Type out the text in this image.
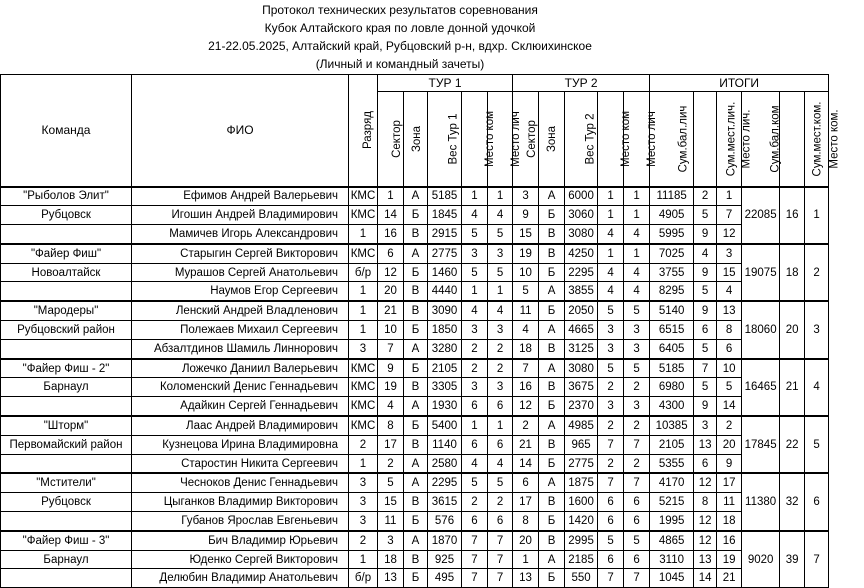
Протокол технических результатов соревнования
Кубок Алтайского края по ловле донной удочкой
21-22.05.2025, Алтайский край, Рубцовский р-н, вдхр. Склюихинское
(Личный и командный зачеты)
Команда	ФИО	Разряд	ТУР 1					ТУР 2					ИТОГИ					
			Сектор	Зона	Вес Тур 1	Место ком	Место лич	Сектор	Зона	Вес Тур 2	Место ком	Место лич	Сум.бал.лич	Сум.мест.лич.	Место лич.	Сум.бал.ком	Сум.мест.ком.	Место ком.
"Рыболов Элит"	Ефимов Андрей Валерьевич	КМС	1	А	5185	1	1	3	А	6000	1	1	11185	2	1	22085	16	1
Рубцовск	Игошин Андрей Владимирович	КМС	14	Б	1845	4	4	9	Б	3060	1	1	4905	5	7			
	Мамичев Игорь Александрович	1	16	В	2915	5	5	15	В	3080	4	4	5995	9	12			
"Файер Фиш"	Старыгин Сергей Викторович	КМС	6	А	2775	3	3	19	В	4250	1	1	7025	4	3	19075	18	2
Новоалтайск	Мурашов Сергей Анатольевич	б/р	12	Б	1460	5	5	10	Б	2295	4	4	3755	9	15			
	Наумов Егор Сергеевич	1	20	В	4440	1	1	5	А	3855	4	4	8295	5	4			
"Мародеры"	Ленский Андрей Владленович	1	21	В	3090	4	4	11	Б	2050	5	5	5140	9	13	18060	20	3
Рубцовский район	Полежаев Михаил Сергеевич	1	10	Б	1850	3	3	4	А	4665	3	3	6515	6	8			
	Абзалтдинов Шамиль Линнорович	3	7	А	3280	2	2	18	В	3125	3	3	6405	5	6			
"Файер Фиш - 2"	Ложечко Даниил Валерьевич	КМС	9	Б	2105	2	2	7	А	3080	5	5	5185	7	10	16465	21	4
Барнаул	Коломенский Денис Геннадьевич	КМС	19	В	3305	3	3	16	В	3675	2	2	6980	5	5			
	Адайкин Сергей Геннадьевич	КМС	4	А	1930	6	6	12	Б	2370	3	3	4300	9	14			
"Шторм"	Лаас Андрей Владимирович	КМС	8	Б	5400	1	1	2	А	4985	2	2	10385	3	2	17845	22	5
Первомайский район	Кузнецова Ирина Владимировна	2	17	В	1140	6	6	21	В	965	7	7	2105	13	20			
	Старостин Никита Сергеевич	1	2	А	2580	4	4	14	Б	2775	2	2	5355	6	9			
"Мстители"	Чесноков Денис Геннадьевич	3	5	А	2295	5	5	6	А	1875	7	7	4170	12	17	11380	32	6
Рубцовск	Цыганков Владимир Викторович	3	15	В	3615	2	2	17	В	1600	6	6	5215	8	11			
	Губанов Ярослав Евгеньевич	3	11	Б	576	6	6	8	Б	1420	6	6	1995	12	18			
"Файер Фиш - 3"	Бич Владимир Юрьевич	2	3	А	1870	7	7	20	В	2995	5	5	4865	12	16	9020	39	7
Барнаул	Юденко Сергей Викторович	1	18	В	925	7	7	1	А	2185	6	6	3110	13	19			
	Делюбин Владимир Анатольевич	б/р	13	Б	495	7	7	13	Б	550	7	7	1045	14	21			
